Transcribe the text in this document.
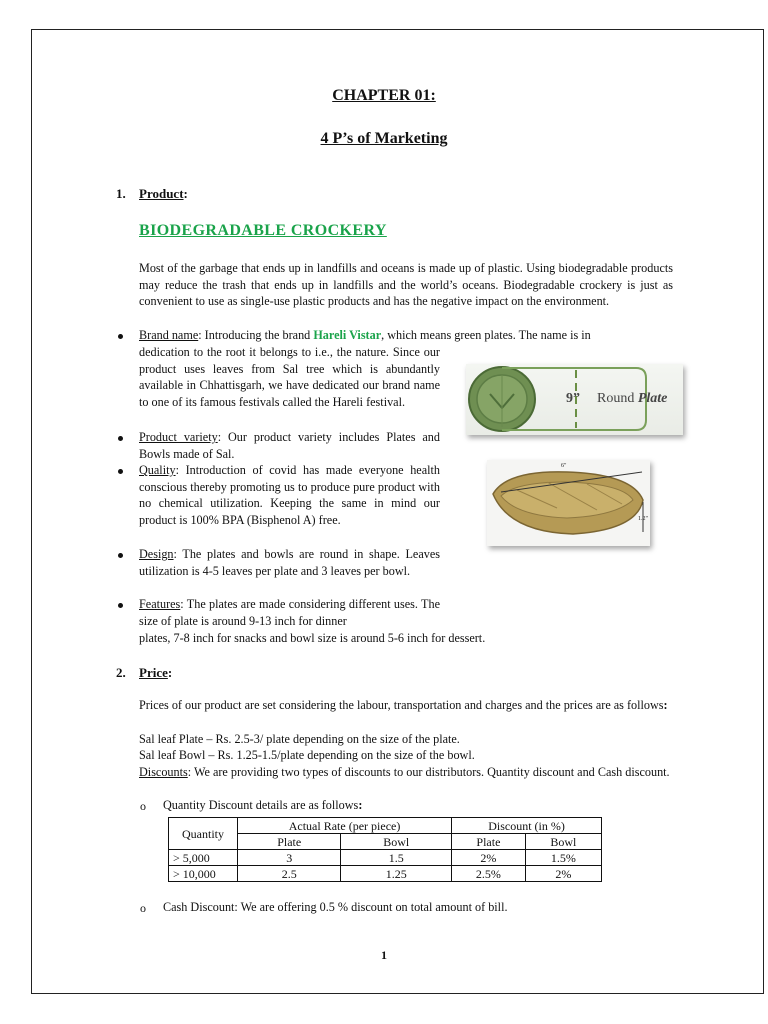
CHAPTER 01:
4 P’s of Marketing
1. Product:
BIODEGRADABLE CROCKERY
Most of the garbage that ends up in landfills and oceans is made up of plastic. Using biodegradable products may reduce the trash that ends up in landfills and the world’s oceans. Biodegradable crockery is just as convenient to use as single-use plastic products and has the negative impact on the environment.
Brand name: Introducing the brand Hareli Vistar, which means green plates. The name is in
dedication to the root it belongs to i.e., the nature. Since our product uses leaves from Sal tree which is abundantly available in Chhattisgarh, we have dedicated our brand name to one of its famous festivals called the Hareli festival.
Product variety: Our product variety includes Plates and Bowls made of Sal.
Quality: Introduction of covid has made everyone health conscious thereby promoting us to produce pure product with no chemical utilization. Keeping the same in mind our product is 100% BPA (Bisphenol A) free.
Design: The plates and bowls are round in shape. Leaves utilization is 4-5 leaves per plate and 3 leaves per bowl.
Features: The plates are made considering different uses. The size of plate is around 9-13 inch for dinner
plates, 7-8 inch for snacks and bowl size is around 5-6 inch for dessert.
9” Round Plate
6"
1.2"
2. Price:
Prices of our product are set considering the labour, transportation and charges and the prices are as follows:
Sal leaf Plate – Rs. 2.5-3/ plate depending on the size of the plate.
Sal leaf Bowl – Rs. 1.25-1.5/plate depending on the size of the bowl.
Discounts: We are providing two types of discounts to our distributors. Quantity discount and Cash discount.
o Quantity Discount details are as follows:
Quantity	Actual Rate (per piece)		Discount (in %)	
	Plate	Bowl	Plate	Bowl
> 5,000	3	1.5	2%	1.5%
> 10,000	2.5	1.25	2.5%	2%
o Cash Discount: We are offering 0.5 % discount on total amount of bill.
1
